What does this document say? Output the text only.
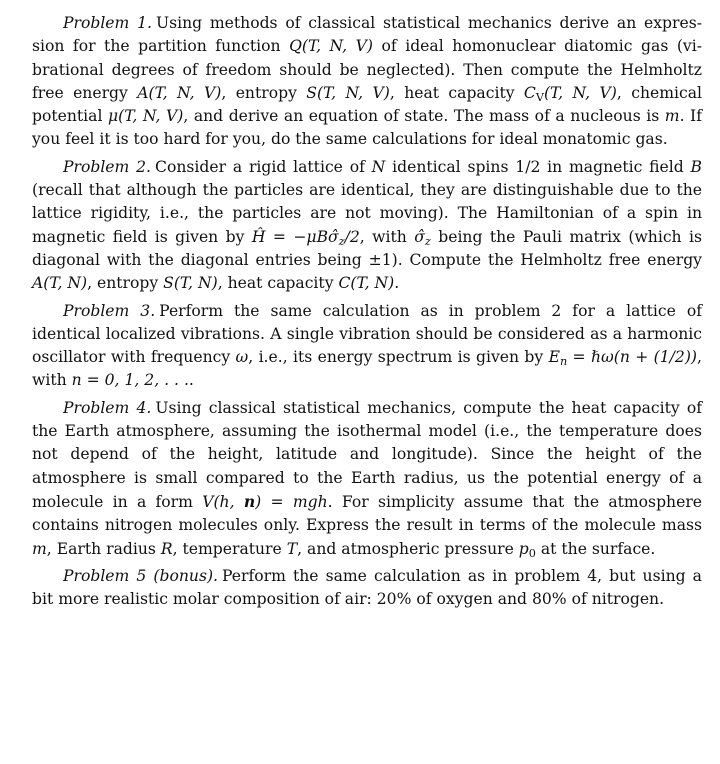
Problem 1. Using methods of classical statistical mechanics derive an expression for the partition function Q(T, N, V) of ideal homonuclear diatomic gas (vibrational degrees of freedom should be neglected). Then compute the Helmholtz free energy A(T, N, V), entropy S(T, N, V), heat capacity $C_V(T$, N, V), chemical potential μ(T, N, V), and derive an equation of state. The mass of a nucleous is m. If you feel it is too hard for you, do the same calculations for ideal monatomic gas.

Problem 2. Consider a rigid lattice of N identical spins 1/2 in magnetic field B (recall that although the particles are identical, they are distinguishable due to the lattice rigidity, i.e., the particles are not moving). The Hamiltonian of a spin in magnetic field is given by Ĥ = $-\mu B\sigmâ_z/2$, with $\sigmâ_z$ being the Pauli matrix (which is diagonal with the diagonal entries being ±1). Compute the Helmholtz free energy A(T, N), entropy S(T, N), heat capacity C(T, N).

Problem 3. Perform the same calculation as in problem 2 for a lattice of identical localized vibrations. A single vibration should be considered as a harmonic oscillator with frequency ω, i.e., its energy spectrum is given by $E_n$ = ℏω(n + (1/2)), with n = 0, 1, 2, . . ..

Problem 4. Using classical statistical mechanics, compute the heat capacity of the Earth atmosphere, assuming the isothermal model (i.e., the temperature does not depend of the height, latitude and longitude). Since the height of the atmosphere is small compared to the Earth radius, us the potential energy of a molecule in a form V(h, n) = mgh. For simplicity assume that the atmosphere contains nitrogen molecules only. Express the result in terms of the molecule mass m, Earth radius R, temperature T, and atmospheric pressure $p_0$ at the surface.

Problem 5 (bonus). Perform the same calculation as in problem 4, but using a bit more realistic molar composition of air: 20% of oxygen and 80% of nitrogen.
